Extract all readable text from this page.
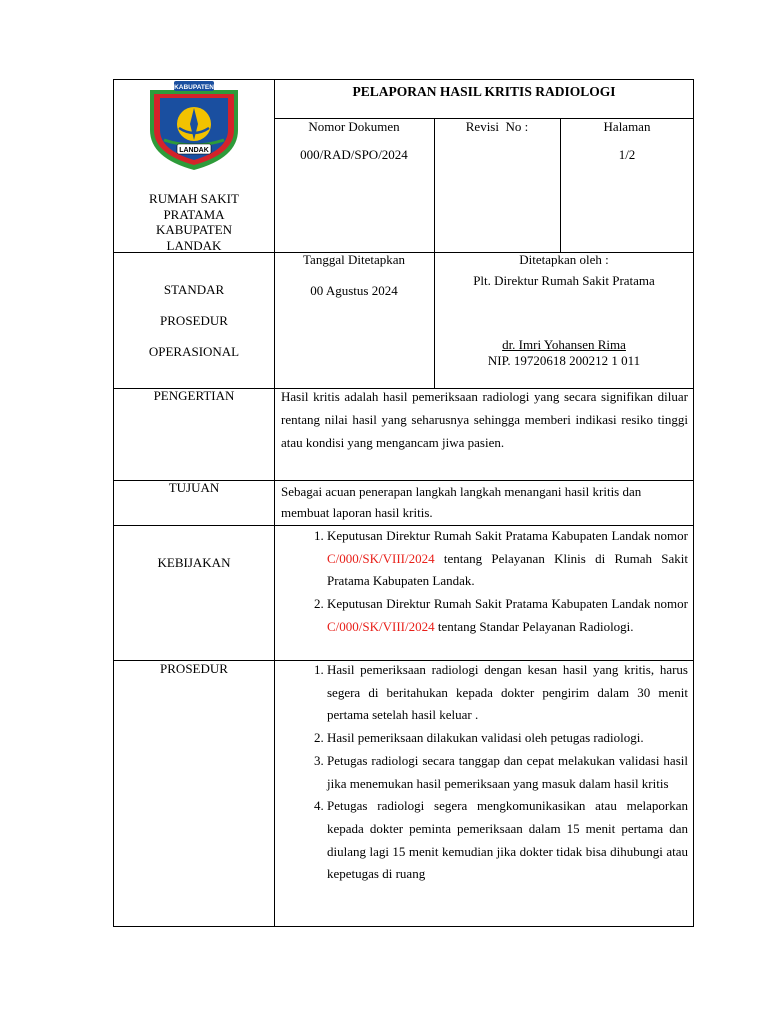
KABUPATEN
LANDAK
RUMAH SAKIT
PRATAMA
KABUPATEN
LANDAK
PELAPORAN HASIL KRITIS RADIOLOGI
Nomor Dokumen
000/RAD/SPO/2024
Revisi  No :	Halaman
1/2
STANDAR
PROSEDUR
OPERASIONAL
Tanggal Ditetapkan
00 Agustus 2024
Ditetapkan oleh :
Plt. Direktur Rumah Sakit Pratama
dr. Imri Yohansen Rima
NIP. 19720618 200212 1 011
PENGERTIAN	Hasil kritis adalah hasil pemeriksaan radiologi yang secara signifikan diluar rentang nilai hasil yang seharusnya sehingga memberi indikasi resiko tinggi atau kondisi yang mengancam jiwa pasien.
TUJUAN	Sebagai acuan penerapan langkah langkah menangani hasil kritis dan membuat laporan hasil kritis.
KEBIJAKAN
1. Keputusan Direktur Rumah Sakit Pratama Kabupaten Landak nomor C/000/SK/VIII/2024 tentang Pelayanan Klinis di Rumah Sakit Pratama Kabupaten Landak.
2. Keputusan Direktur Rumah Sakit Pratama Kabupaten Landak nomor C/000/SK/VIII/2024 tentang Standar Pelayanan Radiologi.
PROSEDUR
1.	Hasil pemeriksaan radiologi dengan kesan hasil yang kritis, harus segera di beritahukan kepada dokter pengirim dalam 30 menit pertama setelah hasil keluar .
2. Hasil pemeriksaan dilakukan validasi oleh petugas radiologi.
3. Petugas radiologi secara tanggap dan cepat melakukan validasi hasil jika menemukan hasil pemeriksaan yang masuk dalam hasil kritis
4. Petugas radiologi segera mengkomunikasikan atau melaporkan kepada dokter peminta pemeriksaan dalam 15 menit pertama dan diulang lagi 15 menit kemudian jika dokter tidak bisa dihubungi atau kepetugas di ruang
